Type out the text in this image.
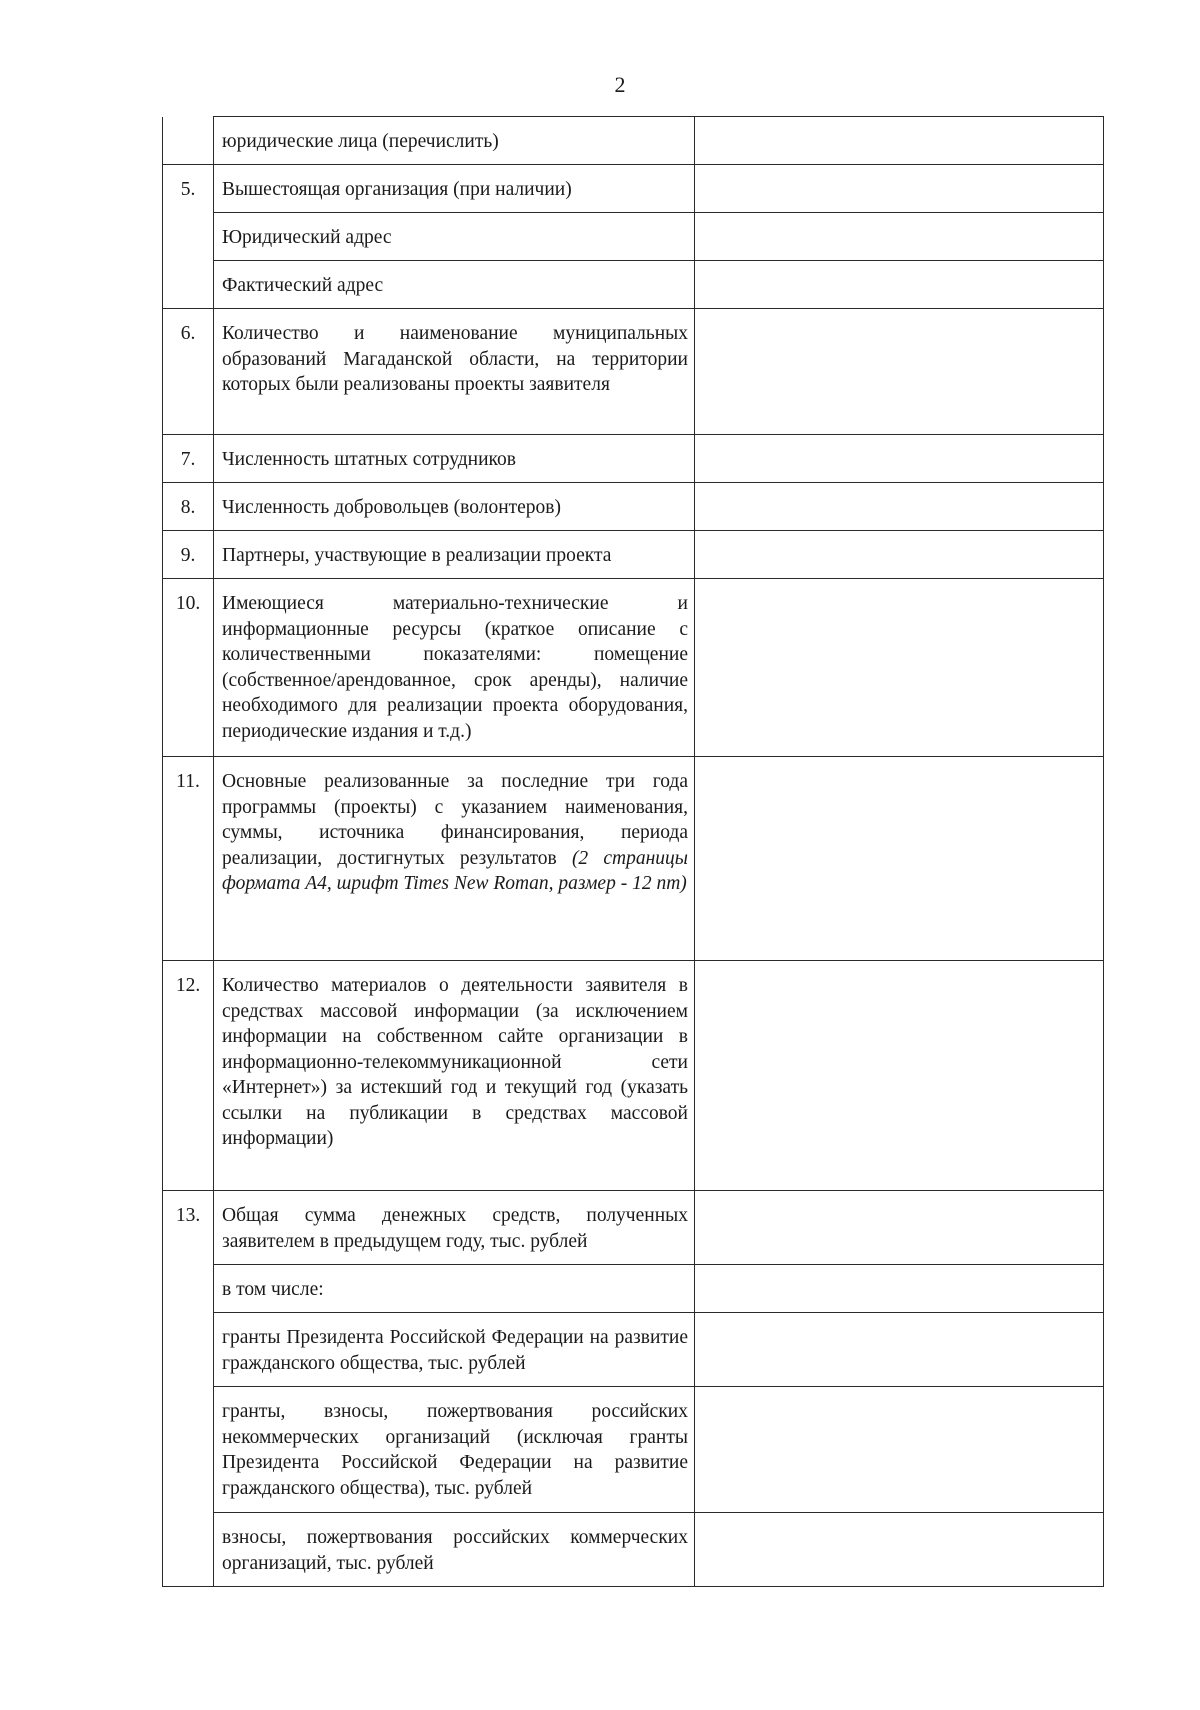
2
	юридические лица (перечислить)	
5.	Вышестоящая организация (при наличии)	
	Юридический адрес	
	Фактический адрес	
6.	Количество и наименование муниципальных образований Магаданской области, на территории которых были реализованы проекты заявителя	
7.	Численность штатных сотрудников	
8.	Численность добровольцев (волонтеров)	
9.	Партнеры, участвующие в реализации проекта	
10.	Имеющиеся материально-технические и информационные ресурсы (краткое описание с количественными показателями: помещение (собственное/арендованное, срок аренды), наличие необходимого для реализации проекта оборудования, периодические издания и т.д.)	
11.	Основные реализованные за последние три года программы (проекты) с указанием наименования, суммы, источника финансирования, периода реализации, достигнутых результатов (2 страницы формата А4, шрифт Times New Roman, размер - 12 пт)	
12.	Количество материалов о деятельности заявителя в средствах массовой информации (за исключением информации на собственном сайте организации в информационно-телекоммуникационной сети «Интернет») за истекший год и текущий год (указать ссылки на публикации в средствах массовой информации)	
13.	Общая сумма денежных средств, полученных заявителем в предыдущем году, тыс. рублей	
	в том числе:	
	гранты Президента Российской Федерации на развитие гражданского общества, тыс. рублей	
	гранты, взносы, пожертвования российских некоммерческих организаций (исключая гранты Президента Российской Федерации на развитие гражданского общества), тыс. рублей	
	взносы, пожертвования российских коммерческих организаций, тыс. рублей	
